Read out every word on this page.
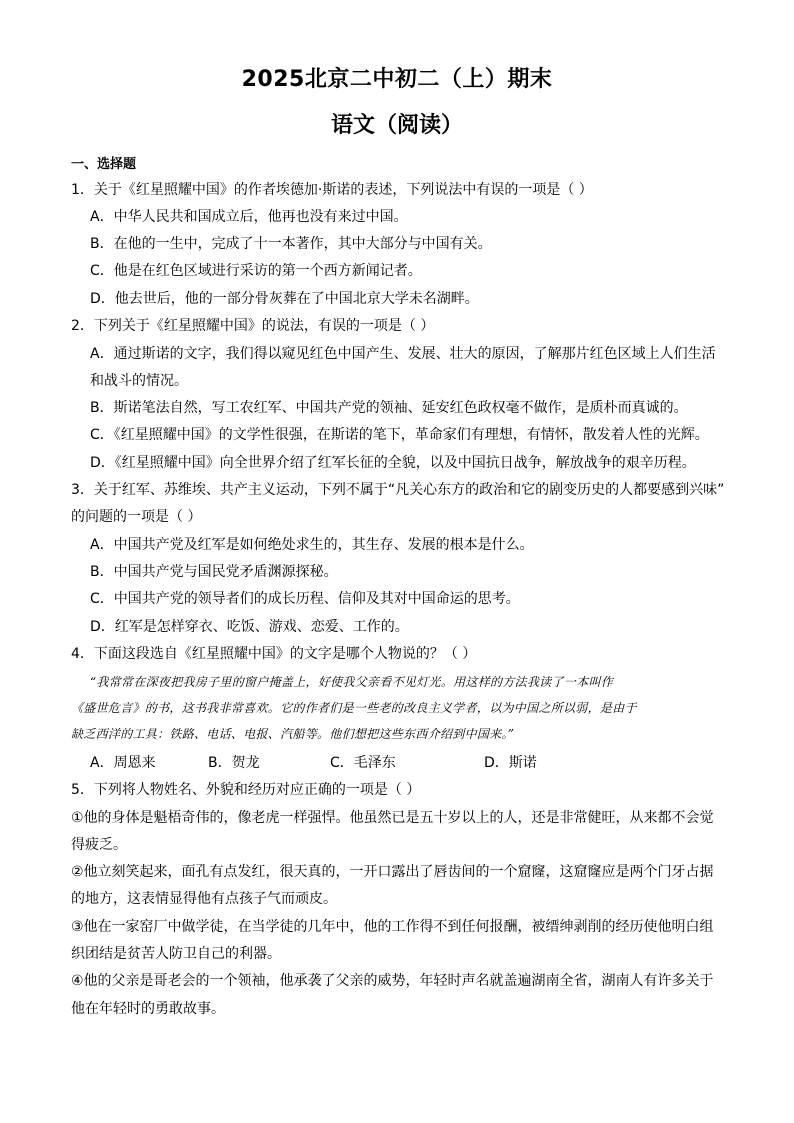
2025北京二中初二（上）期末
语文（阅读）
一、选择题
1．关于《红星照耀中国》的作者埃德加·斯诺的表述，下列说法中有误的一项是（ ）
A．中华人民共和国成立后，他再也没有来过中国。
B．在他的一生中，完成了十一本著作，其中大部分与中国有关。
C．他是在红色区域进行采访的第一个西方新闻记者。
D．他去世后，他的一部分骨灰葬在了中国北京大学未名湖畔。
2．下列关于《红星照耀中国》的说法，有误的一项是（ ）
A．通过斯诺的文字，我们得以窥见红色中国产生、发展、壮大的原因，了解那片红色区域上人们生活
和战斗的情况。
B．斯诺笔法自然，写工农红军、中国共产党的领袖、延安红色政权毫不做作，是质朴而真诚的。
C．《红星照耀中国》的文学性很强，在斯诺的笔下，革命家们有理想，有情怀，散发着人性的光辉。
D．《红星照耀中国》向全世界介绍了红军长征的全貌，以及中国抗日战争，解放战争的艰辛历程。
3．关于红军、苏维埃、共产主义运动，下列不属于“凡关心东方的政治和它的剧变历史的人都要感到兴味”
的问题的一项是（ ）
A．中国共产党及红军是如何绝处求生的，其生存、发展的根本是什么。
B．中国共产党与国民党矛盾渊源探秘。
C．中国共产党的领导者们的成长历程、信仰及其对中国命运的思考。
D．红军是怎样穿衣、吃饭、游戏、恋爱、工作的。
4．下面这段选自《红星照耀中国》的文字是哪个人物说的？（ ）
“我常常在深夜把我房子里的窗户掩盖上，好使我父亲看不见灯光。用这样的方法我读了一本叫作
《盛世危言》的书，这书我非常喜欢。它的作者们是一些老的改良主义学者，以为中国之所以弱，是由于
缺乏西洋的工具：铁路、电话、电报、汽船等。他们想把这些东西介绍到中国来。”
A．周恩来	B．贺龙	C．毛泽东	D．斯诺
5．下列将人物姓名、外貌和经历对应正确的一项是（ ）
①他的身体是魁梧奇伟的，像老虎一样强悍。他虽然已是五十岁以上的人，还是非常健旺，从来都不会觉
得疲乏。
②他立刻笑起来，面孔有点发红，很天真的，一开口露出了唇齿间的一个窟窿，这窟窿应是两个门牙占据
的地方，这表情显得他有点孩子气而顽皮。
③他在一家窑厂中做学徒，在当学徒的几年中，他的工作得不到任何报酬，被缙绅剥削的经历使他明白组
织团结是贫苦人防卫自己的利器。
④他的父亲是哥老会的一个领袖，他承袭了父亲的威势，年轻时声名就盖遍湖南全省，湖南人有许多关于
他在年轻时的勇敢故事。
